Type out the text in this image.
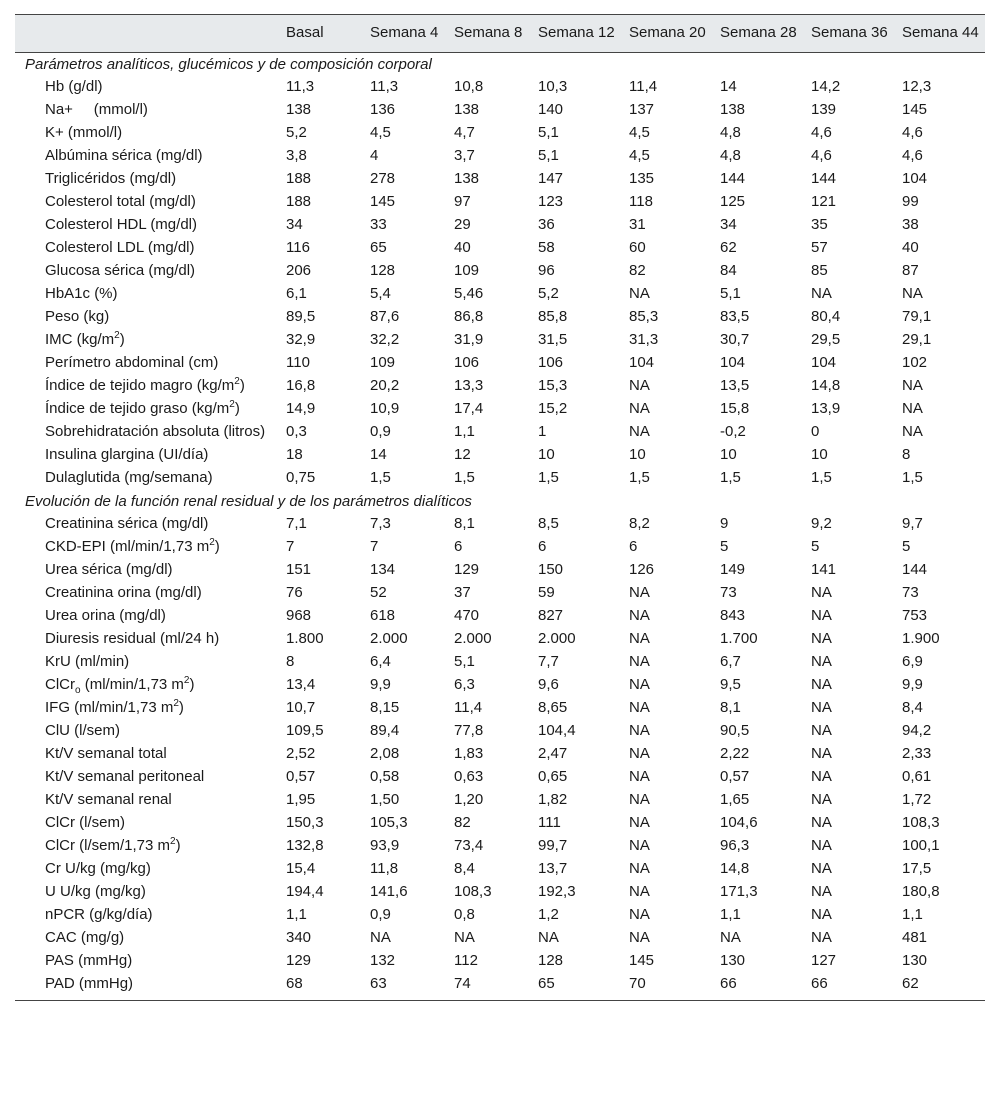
	Basal	Semana 4	Semana 8	Semana 12	Semana 20	Semana 28	Semana 36	Semana 44
Parámetros analíticos, glucémicos y de composición corporal								
Hb (g/dl)	11,3	11,3	10,8	10,3	11,4	14	14,2	12,3
Na+     (mmol/l)	138	136	138	140	137	138	139	145
K+ (mmol/l)	5,2	4,5	4,7	5,1	4,5	4,8	4,6	4,6
Albúmina sérica (mg/dl)	3,8	4	3,7	5,1	4,5	4,8	4,6	4,6
Triglicéridos (mg/dl)	188	278	138	147	135	144	144	104
Colesterol total (mg/dl)	188	145	97	123	118	125	121	99
Colesterol HDL (mg/dl)	34	33	29	36	31	34	35	38
Colesterol LDL (mg/dl)	116	65	40	58	60	62	57	40
Glucosa sérica (mg/dl)	206	128	109	96	82	84	85	87
HbA1c (%)	6,1	5,4	5,46	5,2	NA	5,1	NA	NA
Peso (kg)	89,5	87,6	86,8	85,8	85,3	83,5	80,4	79,1
IMC $(kg/m^2)$	32,9	32,2	31,9	31,5	31,3	30,7	29,5	29,1
Perímetro abdominal (cm)	110	109	106	106	104	104	104	102
Índice de tejido magro $(kg/m^2)$	16,8	20,2	13,3	15,3	NA	13,5	14,8	NA
Índice de tejido graso $(kg/m^2)$	14,9	10,9	17,4	15,2	NA	15,8	13,9	NA
Sobrehidratación absoluta (litros)	0,3	0,9	1,1	1	NA	-0,2	0	NA
Insulina glargina (UI/día)	18	14	12	10	10	10	10	8
Dulaglutida (mg/semana)	0,75	1,5	1,5	1,5	1,5	1,5	1,5	1,5
Evolución de la función renal residual y de los parámetros dialíticos								
Creatinina sérica (mg/dl)	7,1	7,3	8,1	8,5	8,2	9	9,2	9,7
CKD-EPI (ml/min/1,73 $m^2$)	7	7	6	6	6	5	5	5
Urea sérica (mg/dl)	151	134	129	150	126	149	141	144
Creatinina orina (mg/dl)	76	52	37	59	NA	73	NA	73
Urea orina (mg/dl)	968	618	470	827	NA	843	NA	753
Diuresis residual (ml/24 h)	1.800	2.000	2.000	2.000	NA	1.700	NA	1.900
KrU (ml/min)	8	6,4	5,1	7,7	NA	6,7	NA	6,9
ClCr$_o$ (ml/min/1,73 $m^2$)	13,4	9,9	6,3	9,6	NA	9,5	NA	9,9
IFG (ml/min/1,73 $m^2$)	10,7	8,15	11,4	8,65	NA	8,1	NA	8,4
ClU (l/sem)	109,5	89,4	77,8	104,4	NA	90,5	NA	94,2
Kt/V semanal total	2,52	2,08	1,83	2,47	NA	2,22	NA	2,33
Kt/V semanal peritoneal	0,57	0,58	0,63	0,65	NA	0,57	NA	0,61
Kt/V semanal renal	1,95	1,50	1,20	1,82	NA	1,65	NA	1,72
ClCr (l/sem)	150,3	105,3	82	111	NA	104,6	NA	108,3
ClCr (l/sem/1,73 $m^2$)	132,8	93,9	73,4	99,7	NA	96,3	NA	100,1
Cr U/kg (mg/kg)	15,4	11,8	8,4	13,7	NA	14,8	NA	17,5
U U/kg (mg/kg)	194,4	141,6	108,3	192,3	NA	171,3	NA	180,8
nPCR (g/kg/día)	1,1	0,9	0,8	1,2	NA	1,1	NA	1,1
CAC (mg/g)	340	NA	NA	NA	NA	NA	NA	481
PAS (mmHg)	129	132	112	128	145	130	127	130
PAD (mmHg)	68	63	74	65	70	66	66	62
